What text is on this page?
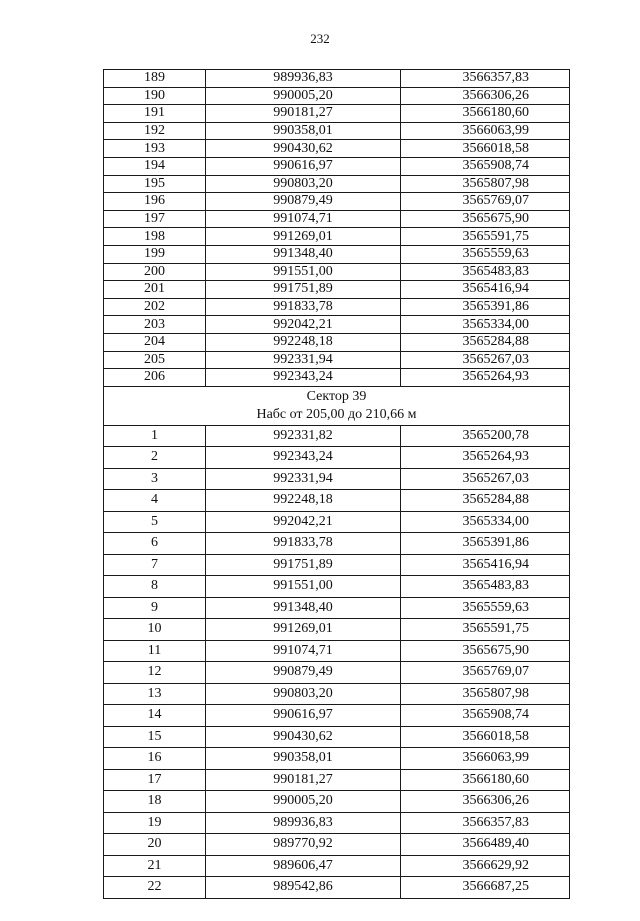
232
189	989936,83	3566357,83
190	990005,20	3566306,26
191	990181,27	3566180,60
192	990358,01	3566063,99
193	990430,62	3566018,58
194	990616,97	3565908,74
195	990803,20	3565807,98
196	990879,49	3565769,07
197	991074,71	3565675,90
198	991269,01	3565591,75
199	991348,40	3565559,63
200	991551,00	3565483,83
201	991751,89	3565416,94
202	991833,78	3565391,86
203	992042,21	3565334,00
204	992248,18	3565284,88
205	992331,94	3565267,03
206	992343,24	3565264,93

Сектор 39
Набс от 205,00 до 210,66 м		

1	992331,82	3565200,78
2	992343,24	3565264,93
3	992331,94	3565267,03
4	992248,18	3565284,88
5	992042,21	3565334,00
6	991833,78	3565391,86
7	991751,89	3565416,94
8	991551,00	3565483,83
9	991348,40	3565559,63
10	991269,01	3565591,75
11	991074,71	3565675,90
12	990879,49	3565769,07
13	990803,20	3565807,98
14	990616,97	3565908,74
15	990430,62	3566018,58
16	990358,01	3566063,99
17	990181,27	3566180,60
18	990005,20	3566306,26
19	989936,83	3566357,83
20	989770,92	3566489,40
21	989606,47	3566629,92
22	989542,86	3566687,25
